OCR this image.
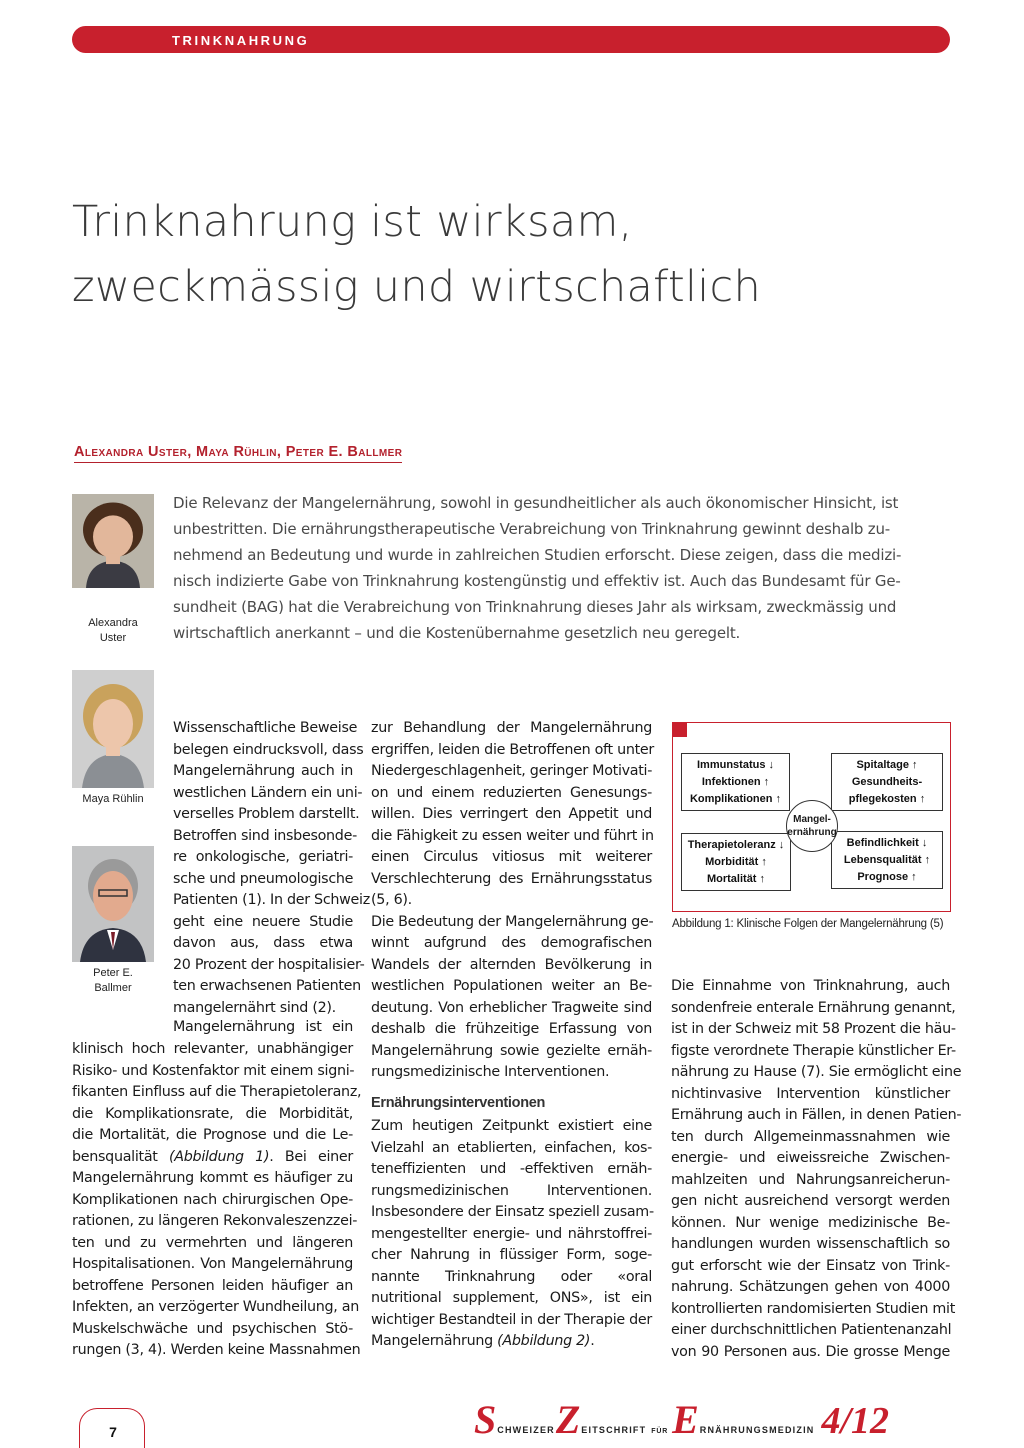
TRINKNAHRUNG
Trinknahrung ist wirksam,
zweckmässig und wirtschaftlich
Alexandra Uster, Maya Rühlin, Peter E. Ballmer
Alexandra
Uster
Maya Rühlin
Peter E.
Ballmer
Die Relevanz der Mangelernährung, sowohl in gesundheitlicher als auch ökonomischer Hinsicht, ist
unbestritten. Die ernährungstherapeutische Verabreichung von Trinknahrung gewinnt deshalb zu-
nehmend an Bedeutung und wurde in zahlreichen Studien erforscht. Diese zeigen, dass die medizi-
nisch indizierte Gabe von Trinknahrung kostengünstig und effektiv ist. Auch das Bundesamt für Ge-
sundheit (BAG) hat die Verabreichung von Trinknahrung dieses Jahr als wirksam, zweckmässig und
wirtschaftlich anerkannt – und die Kostenübernahme gesetzlich neu geregelt.
Wissenschaftliche Beweise
belegen eindrucksvoll, dass
Mangelernährung auch in
westlichen Ländern ein uni-
verselles Problem darstellt.
Betroffen sind insbesonde-
re onkologische, geriatri-
sche und pneumologische
Patienten (1). In der Schweiz
geht eine neuere Studie
davon aus, dass etwa
20 Prozent der hospitalisier-
ten erwachsenen Patienten
mangelernährt sind (2).
Mangelernährung ist ein
klinisch hoch relevanter, unabhängiger
Risiko- und Kostenfaktor mit einem signi-
fikanten Einfluss auf die Therapietoleranz,
die Komplikationsrate, die Morbidität,
die Mortalität, die Prognose und die Le-
bensqualität (Abbildung 1). Bei einer
Mangelernährung kommt es häufiger zu
Komplikationen nach chirurgischen Ope-
rationen, zu längeren Rekonvaleszenzzei-
ten und zu vermehrten und längeren
Hospitalisationen. Von Mangelernährung
betroffene Personen leiden häufiger an
Infekten, an verzögerter Wundheilung, an
Muskelschwäche und psychischen Stö-
rungen (3, 4). Werden keine Massnahmen
zur Behandlung der Mangelernährung
ergriffen, leiden die Betroffenen oft unter
Niedergeschlagenheit, geringer Motivati-
on und einem reduzierten Genesungs-
willen. Dies verringert den Appetit und
die Fähigkeit zu essen weiter und führt in
einen Circulus vitiosus mit weiterer
Verschlechterung des Ernährungsstatus
(5, 6).
Die Bedeutung der Mangelernährung ge-
winnt aufgrund des demografischen
Wandels der alternden Bevölkerung in
westlichen Populationen weiter an Be-
deutung. Von erheblicher Tragweite sind
deshalb die frühzeitige Erfassung von
Mangelernährung sowie gezielte ernäh-
rungsmedizinische Interventionen.
Ernährungsinterventionen
Zum heutigen Zeitpunkt existiert eine
Vielzahl an etablierten, einfachen, kos-
teneffizienten und -effektiven ernäh-
rungsmedizinischen Interventionen.
Insbesondere der Einsatz speziell zusam-
mengestellter energie- und nährstoffrei-
cher Nahrung in flüssiger Form, soge-
nannte Trinknahrung oder «oral
nutritional supplement, ONS», ist ein
wichtiger Bestandteil in der Therapie der
Mangelernährung (Abbildung 2).
Immunstatus ↓
Infektionen ↑
Komplikationen ↑
Spitaltage ↑
Gesundheits-
pflegekosten ↑
Therapietoleranz ↓
Morbidität ↑
Mortalität ↑
Befindlichkeit ↓
Lebensqualität ↑
Prognose ↑
Mangel-
ernährung
Abbildung 1: Klinische Folgen der Mangelernährung (5)
Die Einnahme von Trinknahrung, auch
sondenfreie enterale Ernährung genannt,
ist in der Schweiz mit 58 Prozent die häu-
figste verordnete Therapie künstlicher Er-
nährung zu Hause (7). Sie ermöglicht eine
nichtinvasive Intervention künstlicher
Ernährung auch in Fällen, in denen Patien-
ten durch Allgemeinmassnahmen wie
energie- und eiweissreiche Zwischen-
mahlzeiten und Nahrungsanreicherun-
gen nicht ausreichend versorgt werden
können. Nur wenige medizinische Be-
handlungen wurden wissenschaftlich so
gut erforscht wie der Einsatz von Trink-
nahrung. Schätzungen gehen von 4000
kontrollierten randomisierten Studien mit
einer durchschnittlichen Patientenanzahl
von 90 Personen aus. Die grosse Menge
7	S CHWEIZER Z EITSCHRIFT FÜR E RNÄHRUNGSMEDIZIN 4/12
